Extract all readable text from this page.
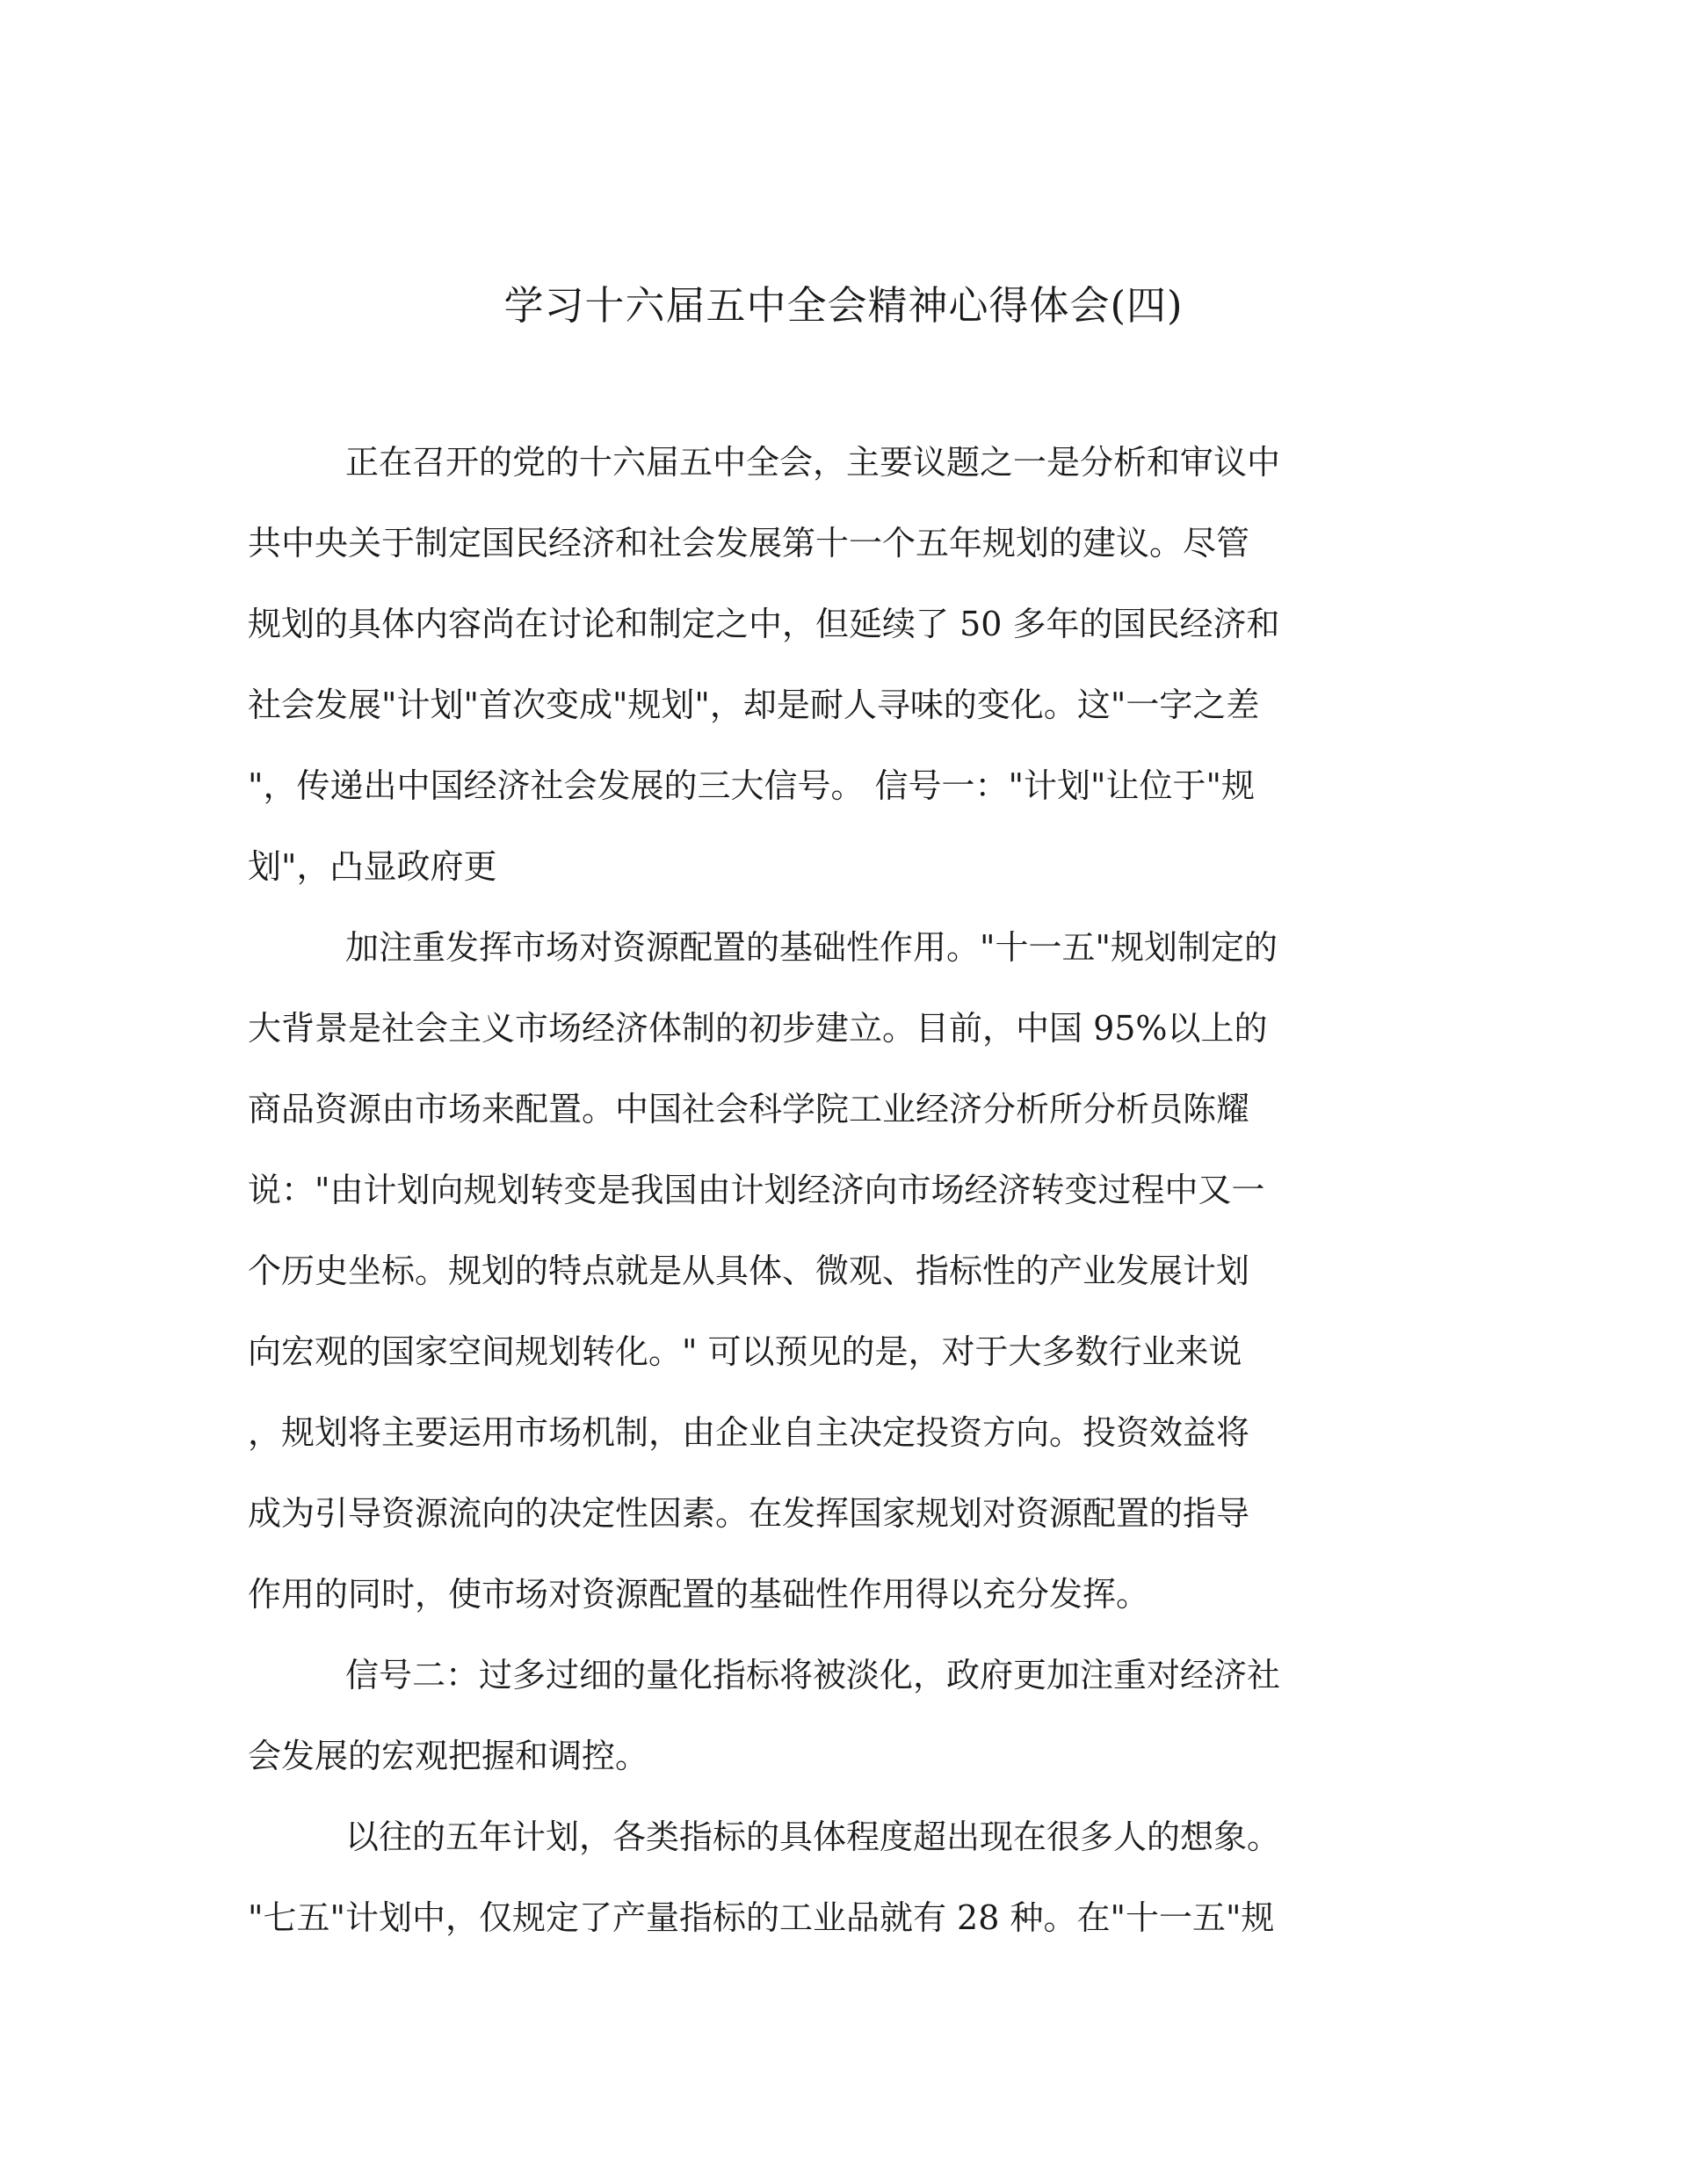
学习十六届五中全会精神心得体会(四)
正在召开的党的十六届五中全会，主要议题之一是分析和审议中
共中央关于制定国民经济和社会发展第十一个五年规划的建议。尽管
规划的具体内容尚在讨论和制定之中，但延续了 50 多年的国民经济和
社会发展"计划"首次变成"规划"，却是耐人寻味的变化。这"一字之差
"，传递出中国经济社会发展的三大信号。 信号一："计划"让位于"规
划"，凸显政府更
加注重发挥市场对资源配置的基础性作用。"十一五"规划制定的
大背景是社会主义市场经济体制的初步建立。目前，中国 95%以上的
商品资源由市场来配置。中国社会科学院工业经济分析所分析员陈耀
说："由计划向规划转变是我国由计划经济向市场经济转变过程中又一
个历史坐标。规划的特点就是从具体、微观、指标性的产业发展计划
向宏观的国家空间规划转化。" 可以预见的是，对于大多数行业来说
，规划将主要运用市场机制，由企业自主决定投资方向。投资效益将
成为引导资源流向的决定性因素。在发挥国家规划对资源配置的指导
作用的同时，使市场对资源配置的基础性作用得以充分发挥。
信号二：过多过细的量化指标将被淡化，政府更加注重对经济社
会发展的宏观把握和调控。
以往的五年计划，各类指标的具体程度超出现在很多人的想象。
"七五"计划中，仅规定了产量指标的工业品就有 28 种。在"十一五"规
